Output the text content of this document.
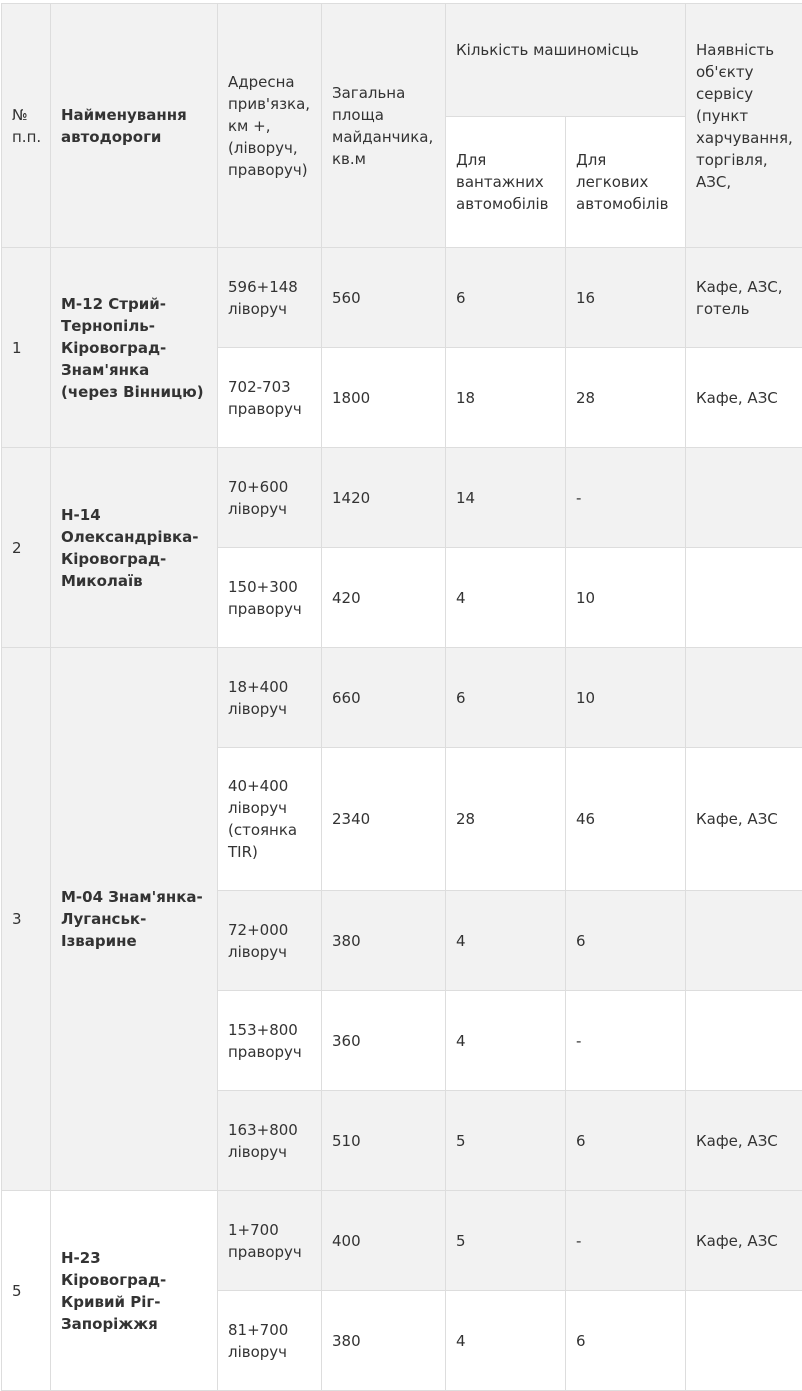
№ п.п.	Найменування автодороги	Адресна прив'язка, км +, (ліворуч, праворуч)	Загальна площа майданчика, кв.м	Кількість машиномісць		Наявність об'єкту сервісу (пункт харчування, торгівля, АЗС,
				Для вантажних автомобілів	Для легкових автомобілів	
1	М-12 Стрий-Тернопіль-Кіровоград-Знам'янка (через Вінницю)	596+148 ліворуч	560	6	16	Кафе, АЗС, готель
		702-703 праворуч	1800	18	28	Кафе, АЗС
2	Н-14 Олександрівка-Кіровоград-Миколаїв	70+600 ліворуч	1420	14	-	
		150+300 праворуч	420	4	10	
3	М-04 Знам'янка-Луганськ-Ізварине	18+400 ліворуч	660	6	10	
		40+400 ліворуч (стоянка TIR)	2340	28	46	Кафе, АЗС
		72+000 ліворуч	380	4	6	
		153+800 праворуч	360	4	-	
		163+800 ліворуч	510	5	6	Кафе, АЗС
5	Н-23 Кіровоград-Кривий Ріг-Запоріжжя	1+700 праворуч	400	5	-	Кафе, АЗС
		81+700 ліворуч	380	4	6	
